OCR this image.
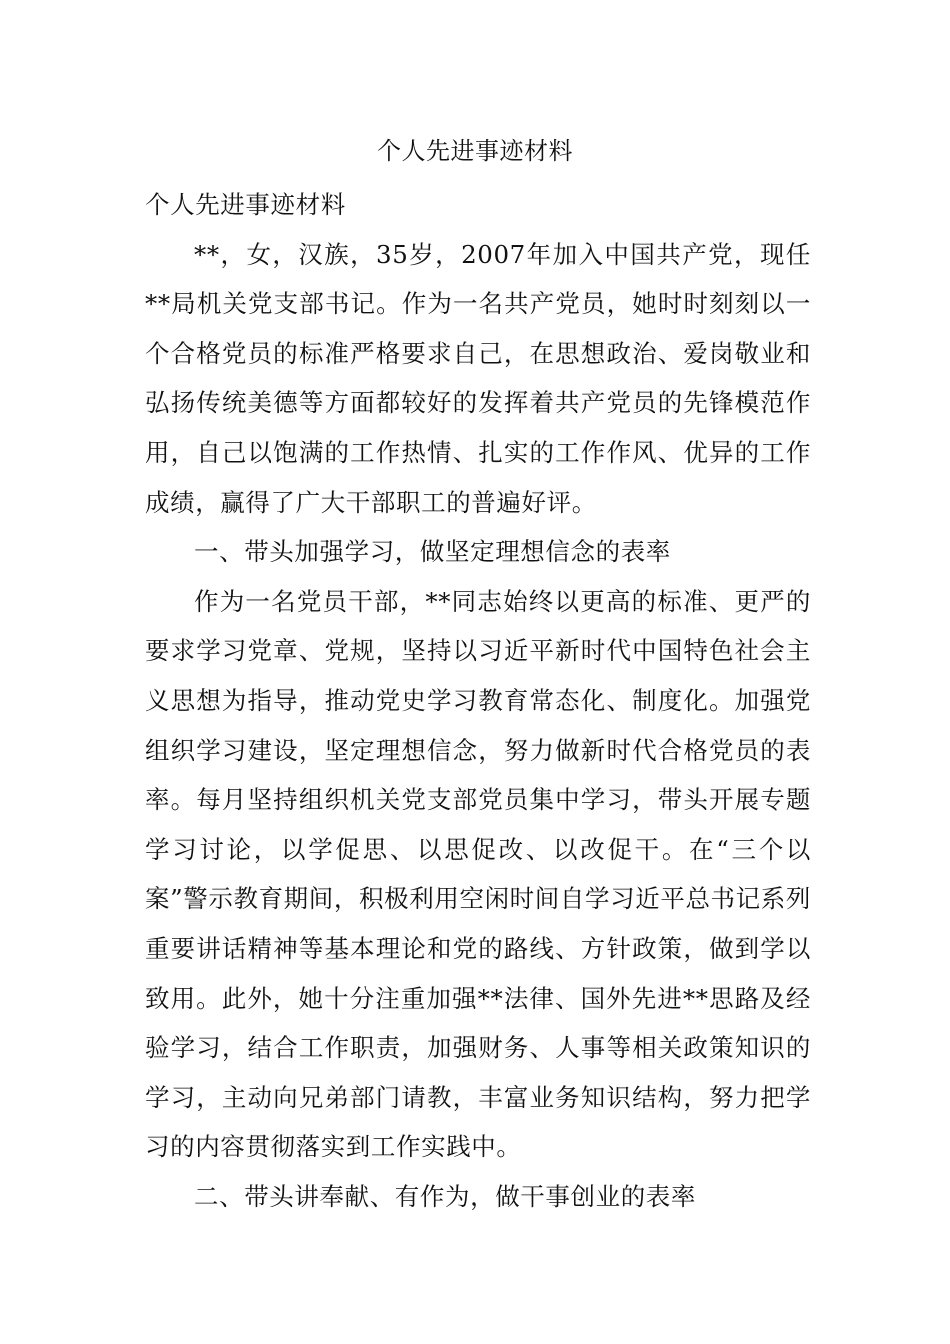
个人先进事迹材料

个人先进事迹材料

**，女，汉族，35岁，2007年加入中国共产党，现任**局机关党支部书记。作为一名共产党员，她时时刻刻以一个合格党员的标准严格要求自己，在思想政治、爱岗敬业和弘扬传统美德等方面都较好的发挥着共产党员的先锋模范作用，自己以饱满的工作热情、扎实的工作作风、优异的工作成绩，赢得了广大干部职工的普遍好评。

一、带头加强学习，做坚定理想信念的表率

作为一名党员干部，**同志始终以更高的标准、更严的要求学习党章、党规，坚持以习近平新时代中国特色社会主义思想为指导，推动党史学习教育常态化、制度化。加强党组织学习建设，坚定理想信念，努力做新时代合格党员的表率。每月坚持组织机关党支部党员集中学习，带头开展专题学习讨论，以学促思、以思促改、以改促干。在“三个以案”警示教育期间，积极利用空闲时间自学习近平总书记系列重要讲话精神等基本理论和党的路线、方针政策，做到学以致用。此外，她十分注重加强**法律、国外先进**思路及经验学习，结合工作职责，加强财务、人事等相关政策知识的学习，主动向兄弟部门请教，丰富业务知识结构，努力把学习的内容贯彻落实到工作实践中。

二、带头讲奉献、有作为，做干事创业的表率
